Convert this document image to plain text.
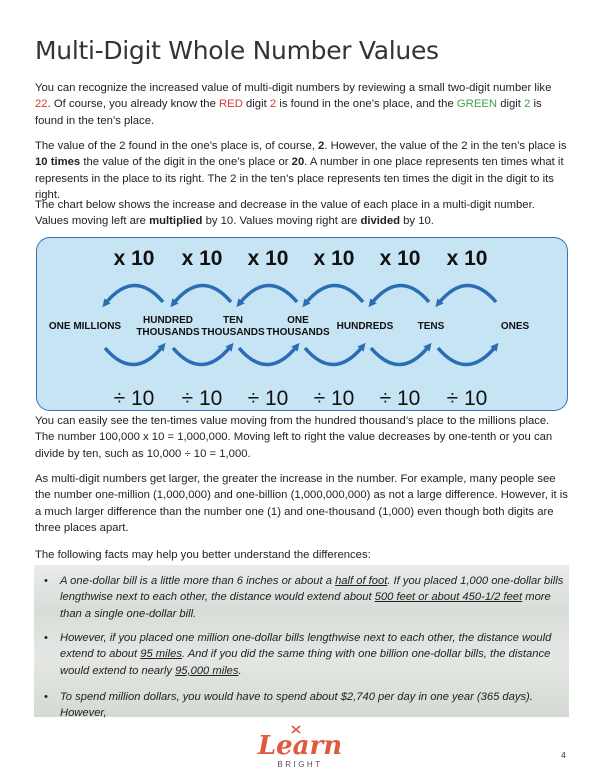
Multi-Digit Whole Number Values
You can recognize the increased value of multi-digit numbers by reviewing a small two-digit number like 22. Of course, you already know the RED digit 2 is found in the one’s place, and the GREEN digit 2 is found in the ten’s place.
The value of the 2 found in the one’s place is, of course, 2. However, the value of the 2 in the ten’s place is 10 times the value of the digit in the one’s place or 20. A number in one place represents ten times what it represents in the place to its right. The 2 in the ten’s place represents ten times the digit in the digit to its right.
The chart below shows the increase and decrease in the value of each place in a multi-digit number. Values moving left are multiplied by 10. Values moving right are divided by 10.
x 10 x 10 x 10 x 10 x 10 x 10
÷ 10 ÷ 10 ÷ 10 ÷ 10 ÷ 10 ÷ 10
ONE MILLIONS
HUNDRED THOUSANDS
TEN THOUSANDS
ONE THOUSANDS
HUNDREDS TENS	ONES
You can easily see the ten-times value moving from the hundred thousand’s place to the millions place. The number 100,000 x 10 = 1,000,000. Moving left to right the value decreases by one-tenth or you can divide by ten, such as 10,000 ÷ 10 = 1,000.
As multi-digit numbers get larger, the greater the increase in the number. For example, many people see the number one-million (1,000,000) and one-billion (1,000,000,000) as not a large difference. However, it is a much larger difference than the number one (1) and one-thousand (1,000) even though both digits are three places apart.
The following facts may help you better understand the differences:
• A one-dollar bill is a little more than 6 inches or about a half of foot. If you placed 1,000 one-dollar bills lengthwise next to each other, the distance would extend about 500 feet or about 450-1/2 feet more than a single one-dollar bill.
• However, if you placed one million one-dollar bills lengthwise next to each other, the distance would extend to about 95 miles. And if you did the same thing with one billion one-dollar bills, the distance would extend to nearly 95,000 miles.
• To spend million dollars, you would have to spend about $2,740 per day in one year (365 days). However,
Learn
BRIGHT
4
